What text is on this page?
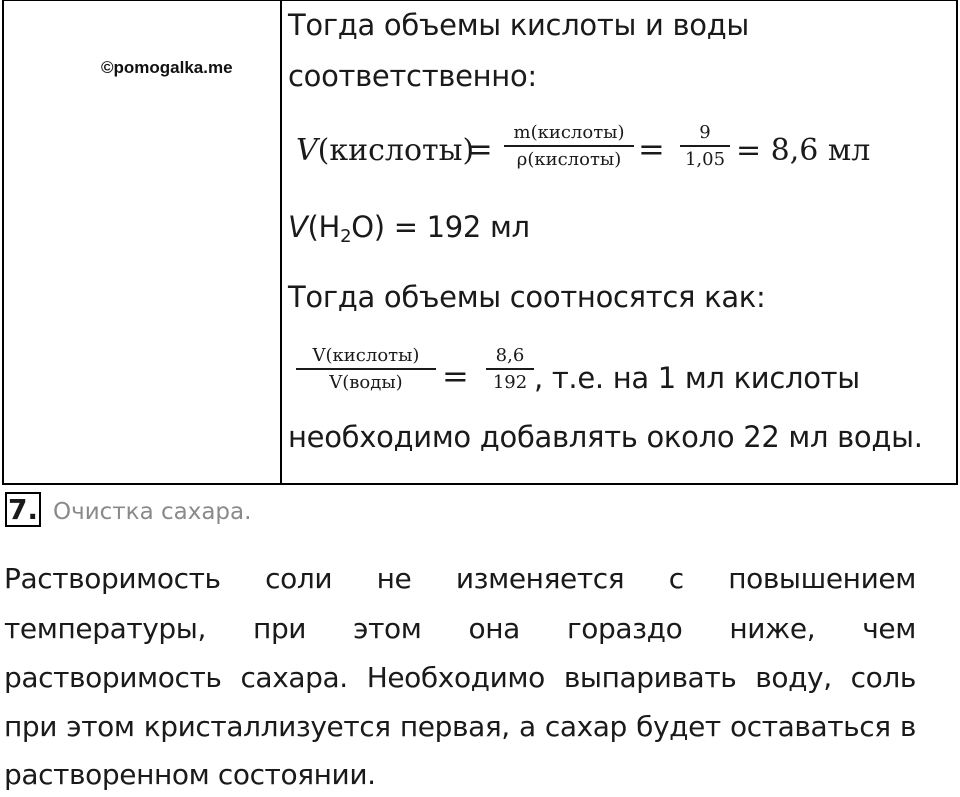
©pomogalka.me
Тогда объемы кислоты и воды
соответственно:
V(кислоты)
=	m(кислоты)
ρ(кислоты) =	9
1,05 = 8,6 мл
$V(H_2O) = 192$ мл
Тогда объемы соотносятся как:
V(кислоты)
V(воды)	=
8,6
192 , т.е. на 1 мл кислоты
необходимо добавлять около 22 мл воды.
7. Очистка сахара.
Растворимость соли не изменяется с повышением
температуры, при этом она гораздо ниже, чем
растворимость сахара. Необходимо выпаривать воду, соль
при этом кристаллизуется первая, а сахар будет оставаться в
растворенном состоянии.
